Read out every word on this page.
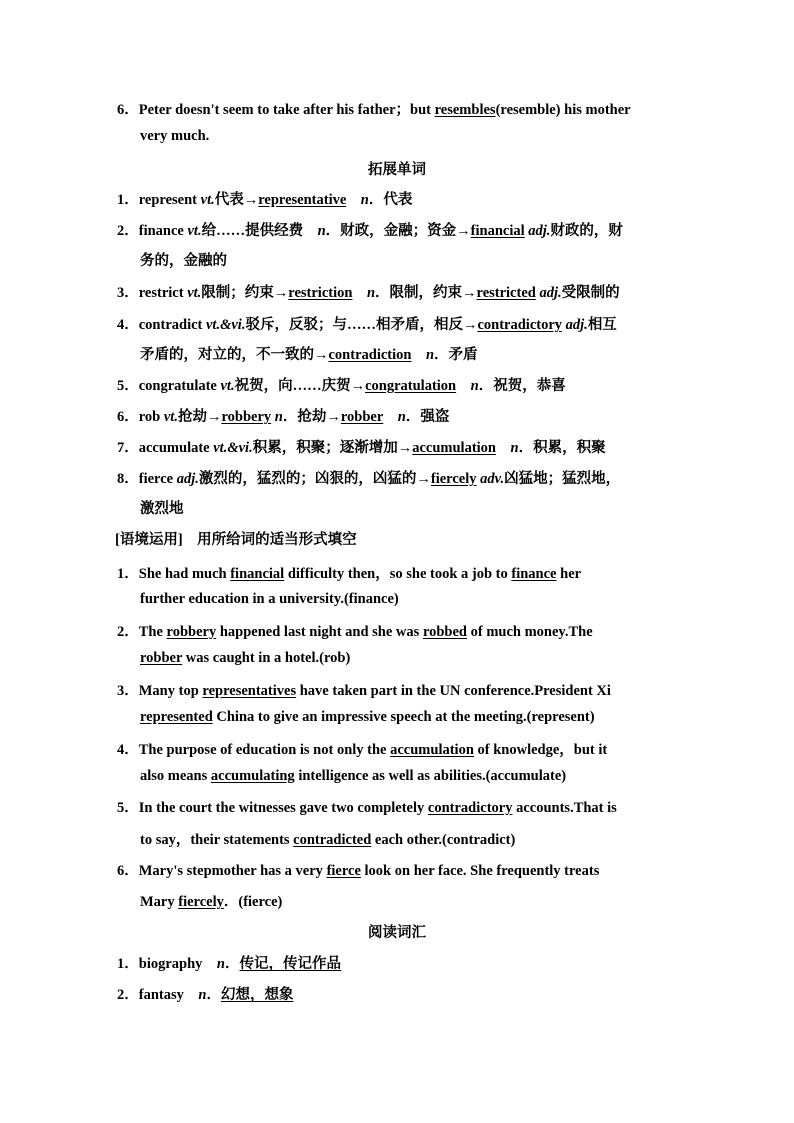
6．Peter doesn't seem to take after his father；but resembles(resemble) his mother
very much.
拓展单词
1．represent vt.代表→representative n．代表
2．finance vt.给……提供经费　n．财政，金融；资金→financial adj.财政的，财
务的，金融的
3．restrict vt.限制；约束→restriction n．限制，约束→restricted adj.受限制的
4．contradict vt.&vi.驳斥，反驳；与……相矛盾，相反→contradictory adj.相互
矛盾的，对立的，不一致的→contradiction n．矛盾
5．congratulate vt.祝贺，向……庆贺→congratulation n．祝贺，恭喜
6．rob vt.抢劫→robbery n．抢劫→robber n．强盗
7．accumulate vt.&vi.积累，积聚；逐渐增加→accumulation n．积累，积聚
8．fierce adj.激烈的，猛烈的；凶狠的，凶猛的→fiercely adv.凶猛地；猛烈地，
激烈地
[语境运用]　用所给词的适当形式填空
1．She had much financial difficulty then，so she took a job to finance her
further education in a university.(finance)
2．The robbery happened last night and she was robbed of much money.The
robber was caught in a hotel.(rob)
3．Many top representatives have taken part in the UN conference.President Xi
represented China to give an impressive speech at the meeting.(represent)
4．The purpose of education is not only the accumulation of knowledge，but it
also means accumulating intelligence as well as abilities.(accumulate)
5．In the court the witnesses gave two completely contradictory accounts.That is
to say，their statements contradicted each other.(contradict)
6．Mary's stepmother has a very fierce look on her face. She frequently treats
Mary fiercely．(fierce)
阅读词汇
1．biography　n．传记，传记作品
2．fantasy　n．幻想，想象
